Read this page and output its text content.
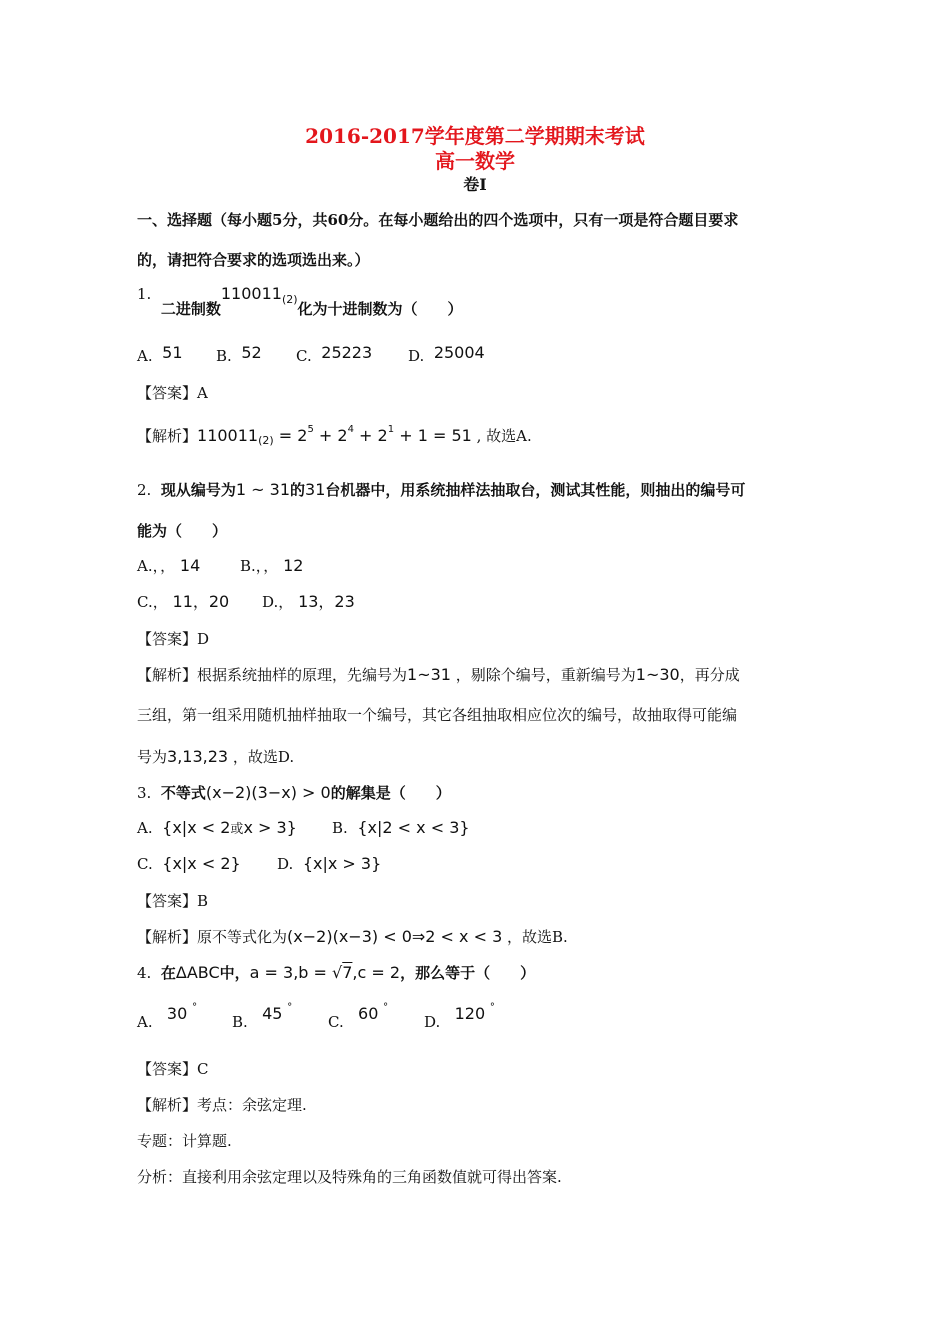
2016-2017学年度第二学期期末考试
高一数学
卷I
一、选择题（每小题5分，共60分。在每小题给出的四个选项中，只有一项是符合题目要求
的，请把符合要求的选项选出来。）
1.  二进制数$110011_{(2)}$化为十进制数为（　　）
A. 51 B. 52 C. 25223 D. 25004
【答案】A
【解析】$110011(2) = 2^5 + 2^4 + 2^1 + 1 = 51$ , 故选A.
2. 现从编号为1 ~ 31的31台机器中，用系统抽样法抽取台，测试其性能，则抽出的编号可
能为（　　）
A.，， 14	B.，， 12
C.， 11，20 D.， 13，23
【答案】D
【解析】根据系统抽样的原理，先编号为1~31 ，剔除个编号，重新编号为1~30，再分成
三组，第一组采用随机抽样抽取一个编号，其它各组抽取相应位次的编号，故抽取得可能编
号为3,13,23 ，故选D.
3. 不等式(x−2)(3−x) > 0的解集是（　　）
A. {x|x < 2或x > 3} B. {x|2 < x < 3}
C. {x|x < 2} D. {x|x > 3}
【答案】B
【解析】原不等式化为(x−2)(x−3) < 0⇒2 < x < 3 ，故选B.
4. 在ΔABC中，a = 3,b = √7,c = 2，那么等于（　　）
A. 30 °
B. 45 °
C. 60 °
D. 120 °
【答案】C
【解析】考点：余弦定理.
专题：计算题.
分析：直接利用余弦定理以及特殊角的三角函数值就可得出答案.
